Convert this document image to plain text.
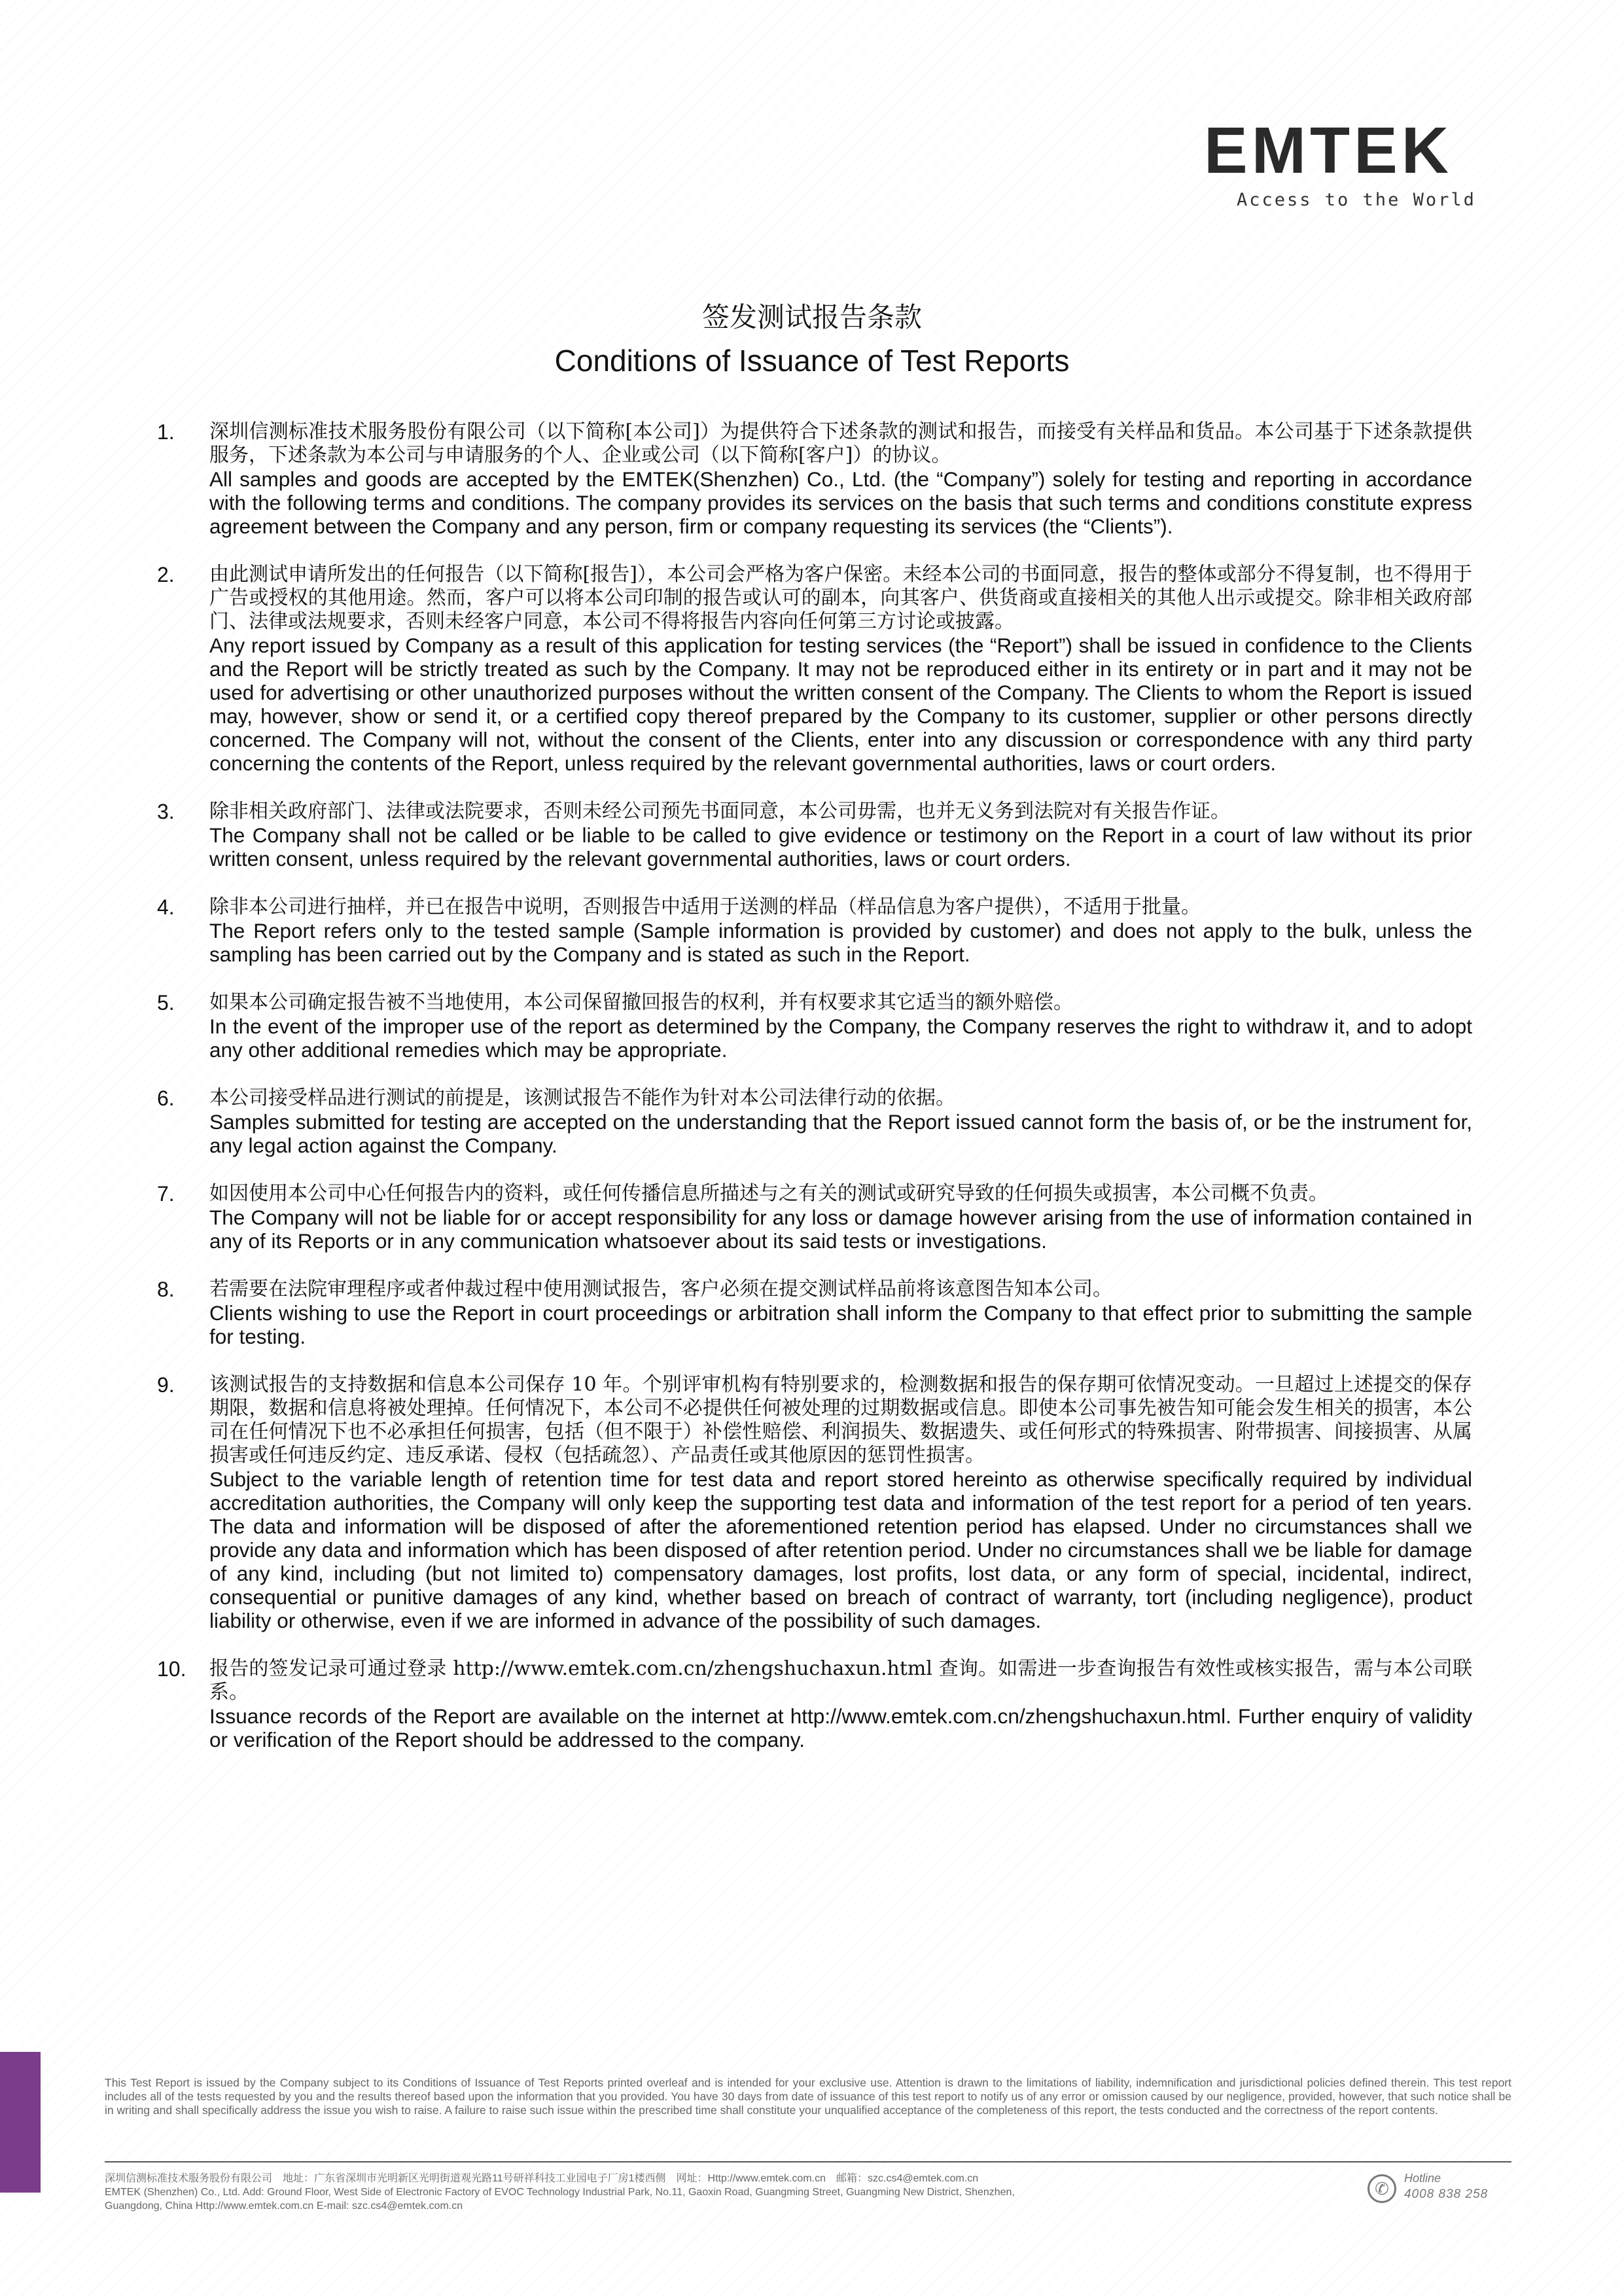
EMTEK
Access to the World
签发测试报告条款
Conditions of Issuance of Test Reports
1.	深圳信测标准技术服务股份有限公司（以下简称[本公司]）为提供符合下述条款的测试和报告，而接受有关样品和货品。本公司基于下述条款提供服务，下述条款为本公司与申请服务的个人、企业或公司（以下简称[客户]）的协议。
All samples and goods are accepted by the EMTEK(Shenzhen) Co., Ltd. (the “Company”) solely for testing and reporting in accordance with the following terms and conditions. The company provides its services on the basis that such terms and conditions constitute express agreement between the Company and any person, firm or company requesting its services (the “Clients”).
2.	由此测试申请所发出的任何报告（以下简称[报告]），本公司会严格为客户保密。未经本公司的书面同意，报告的整体或部分不得复制，也不得用于广告或授权的其他用途。然而，客户可以将本公司印制的报告或认可的副本，向其客户、供货商或直接相关的其他人出示或提交。除非相关政府部门、法律或法规要求，否则未经客户同意，本公司不得将报告内容向任何第三方讨论或披露。
Any report issued by Company as a result of this application for testing services (the “Report”) shall be issued in confidence to the Clients and the Report will be strictly treated as such by the Company. It may not be reproduced either in its entirety or in part and it may not be used for advertising or other unauthorized purposes without the written consent of the Company. The Clients to whom the Report is issued may, however, show or send it, or a certified copy thereof prepared by the Company to its customer, supplier or other persons directly concerned. The Company will not, without the consent of the Clients, enter into any discussion or correspondence with any third party concerning the contents of the Report, unless required by the relevant governmental authorities, laws or court orders.
3.	除非相关政府部门、法律或法院要求，否则未经公司预先书面同意，本公司毋需，也并无义务到法院对有关报告作证。
The Company shall not be called or be liable to be called to give evidence or testimony on the Report in a court of law without its prior written consent, unless required by the relevant governmental authorities, laws or court orders.
4.	除非本公司进行抽样，并已在报告中说明，否则报告中适用于送测的样品（样品信息为客户提供），不适用于批量。
The Report refers only to the tested sample (Sample information is provided by customer) and does not apply to the bulk, unless the sampling has been carried out by the Company and is stated as such in the Report.
5.	如果本公司确定报告被不当地使用，本公司保留撤回报告的权利，并有权要求其它适当的额外赔偿。
In the event of the improper use of the report as determined by the Company, the Company reserves the right to withdraw it, and to adopt any other additional remedies which may be appropriate.
6.	本公司接受样品进行测试的前提是，该测试报告不能作为针对本公司法律行动的依据。
Samples submitted for testing are accepted on the understanding that the Report issued cannot form the basis of, or be the instrument for, any legal action against the Company.
7.	如因使用本公司中心任何报告内的资料，或任何传播信息所描述与之有关的测试或研究导致的任何损失或损害，本公司概不负责。
The Company will not be liable for or accept responsibility for any loss or damage however arising from the use of information contained in any of its Reports or in any communication whatsoever about its said tests or investigations.
8.	若需要在法院审理程序或者仲裁过程中使用测试报告，客户必须在提交测试样品前将该意图告知本公司。
Clients wishing to use the Report in court proceedings or arbitration shall inform the Company to that effect prior to submitting the sample for testing.
9.	该测试报告的支持数据和信息本公司保存 10 年。个别评审机构有特别要求的，检测数据和报告的保存期可依情况变动。一旦超过上述提交的保存期限，数据和信息将被处理掉。任何情况下，本公司不必提供任何被处理的过期数据或信息。即使本公司事先被告知可能会发生相关的损害，本公司在任何情况下也不必承担任何损害，包括（但不限于）补偿性赔偿、利润损失、数据遗失、或任何形式的特殊损害、附带损害、间接损害、从属损害或任何违反约定、违反承诺、侵权（包括疏忽）、产品责任或其他原因的惩罚性损害。
Subject to the variable length of retention time for test data and report stored hereinto as otherwise specifically required by individual accreditation authorities, the Company will only keep the supporting test data and information of the test report for a period of ten years. The data and information will be disposed of after the aforementioned retention period has elapsed. Under no circumstances shall we provide any data and information which has been disposed of after retention period. Under no circumstances shall we be liable for damage of any kind, including (but not limited to) compensatory damages, lost profits, lost data, or any form of special, incidental, indirect, consequential or punitive damages of any kind, whether based on breach of contract of warranty, tort (including negligence), product liability or otherwise, even if we are informed in advance of the possibility of such damages.
10.	报告的签发记录可通过登录 http://www.emtek.com.cn/zhengshuchaxun.html 查询。如需进一步查询报告有效性或核实报告，需与本公司联系。
Issuance records of the Report are available on the internet at http://www.emtek.com.cn/zhengshuchaxun.html. Further enquiry of validity or verification of the Report should be addressed to the company.
This Test Report is issued by the Company subject to its Conditions of Issuance of Test Reports printed overleaf and is intended for your exclusive use. Attention is drawn to the limitations of liability, indemnification and jurisdictional policies defined therein. This test report includes all of the tests requested by you and the results thereof based upon the information that you provided. You have 30 days from date of issuance of this test report to notify us of any error or omission caused by our negligence, provided, however, that such notice shall be in writing and shall specifically address the issue you wish to raise. A failure to raise such issue within the prescribed time shall constitute your unqualified acceptance of the completeness of this report, the tests conducted and the correctness of the report contents.
深圳信测标准技术服务股份有限公司　地址：广东省深圳市光明新区光明街道观光路11号研祥科技工业园电子厂房1楼西侧　网址：Http://www.emtek.com.cn　邮箱：szc.cs4@emtek.com.cn
EMTEK (Shenzhen) Co., Ltd. Add: Ground Floor, West Side of Electronic Factory of EVOC Technology Industrial Park, No.11, Gaoxin Road, Guangming Street, Guangming New District, Shenzhen,
Guangdong, China Http://www.emtek.com.cn E-mail: szc.cs4@emtek.com.cn
✆
Hotline
4008 838 258
